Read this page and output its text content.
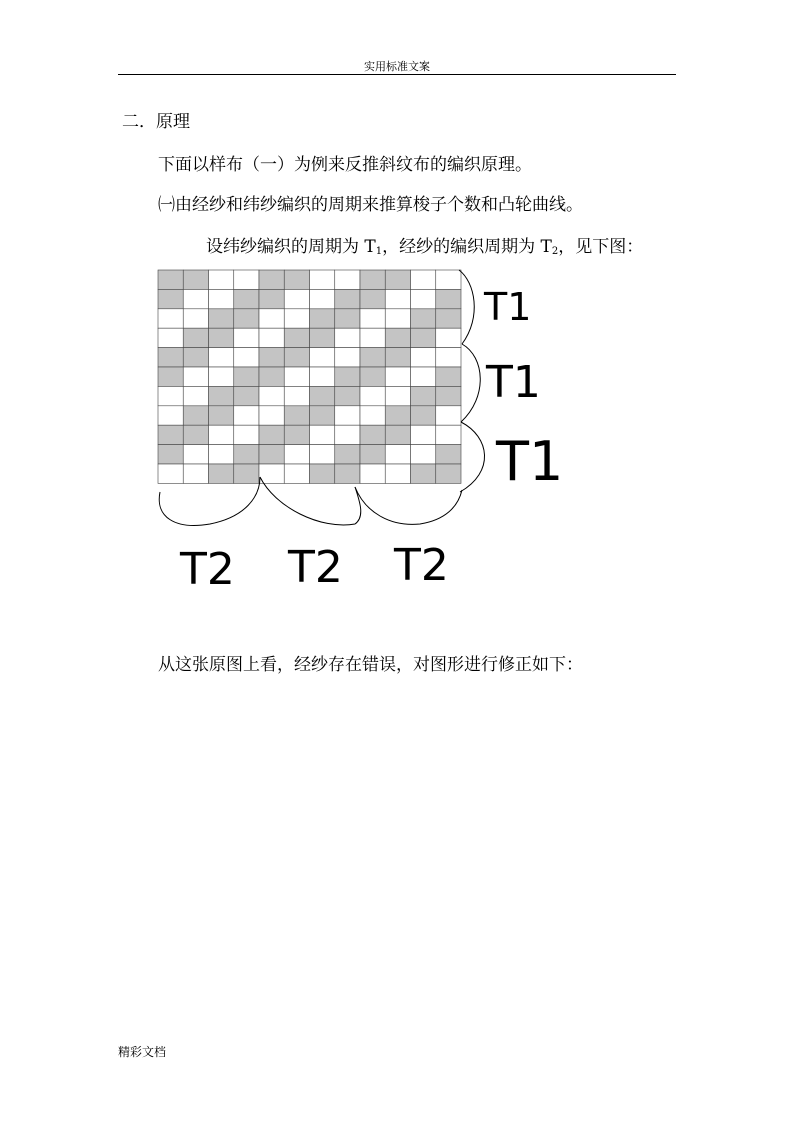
实用标准文案
二．原理
下面以样布（一）为例来反推斜纹布的编织原理。
㈠由经纱和纬纱编织的周期来推算梭子个数和凸轮曲线。
设纬纱编织的周期为 $T_1$，经纱的编织周期为 $T_2$，见下图：
T1
T1
T1
T2 T2 T2
从这张原图上看，经纱存在错误，对图形进行修正如下：
精彩文档
